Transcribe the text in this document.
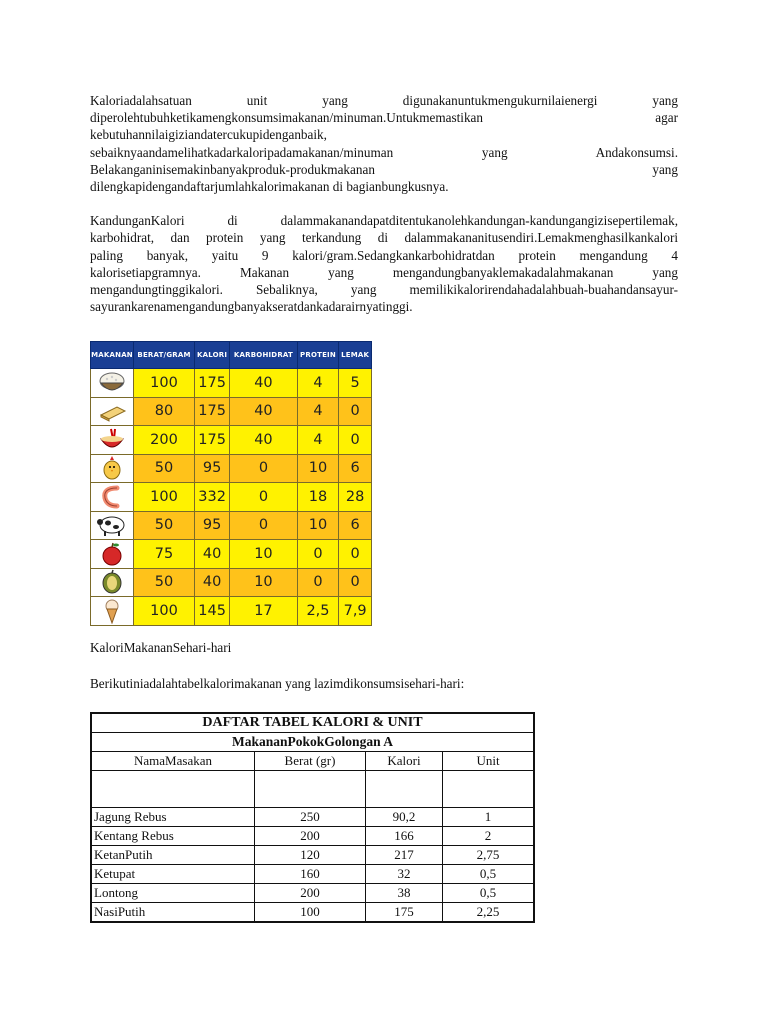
Kaloriadalahsatuan unit yang digunakanuntukmengukurnilaienergi yang
diperolehtubuhketikamengkonsumsimakanan/minuman.Untukmemastikan agar
kebutuhannilaigiziandatercukupidenganbaik,
sebaiknyaandamelihatkadarkaloripadamakanan/minuman yang Andakonsumsi.
Belakanganinisemakinbanyakproduk-produkmakanan yang
dilengkapidengandaftarjumlahkalorimakanan di bagianbungkusnya.
KandunganKalori di dalammakanandapatditentukanolehkandungan-kandungangizisepertilemak,
karbohidrat, dan protein yang terkandung di dalammakananitusendiri.Lemakmenghasilkankalori
paling banyak, yaitu 9 kalori/gram.Sedangkankarbohidratdan protein mengandung 4
kalorisetiapgramnya. Makanan yang mengandungbanyaklemakadalahmakanan yang
mengandungtinggikalori. Sebaliknya, yang memilikikalorirendahadalahbuah-buahandansayur-
sayurankarenamengandungbanyakseratdankadarairnyatinggi.
MAKANAN	BERAT/GRAM	KALORI	KARBOHIDRAT	PROTEIN	LEMAK

	100	175	40	4	5

	80	175	40	4	0

	200	175	40	4	0

	50	95	0	10	6

	100	332	0	18	28

	50	95	0	10	6

	75	40	10	0	0

	50	40	10	0	0

	100	145	17	2,5	7,9
KaloriMakananSehari-hari
Berikutiniadalahtabelkalorimakanan yang lazimdikonsumsisehari-hari:
DAFTAR TABEL KALORI & UNIT			
MakananPokokGolongan A			
NamaMasakan	Berat (gr)	Kalori	Unit

Jagung Rebus	250	90,2	1
Kentang Rebus	200	166	2
KetanPutih	120	217	2,75
Ketupat	160	32	0,5
Lontong	200	38	0,5
NasiPutih	100	175	2,25
